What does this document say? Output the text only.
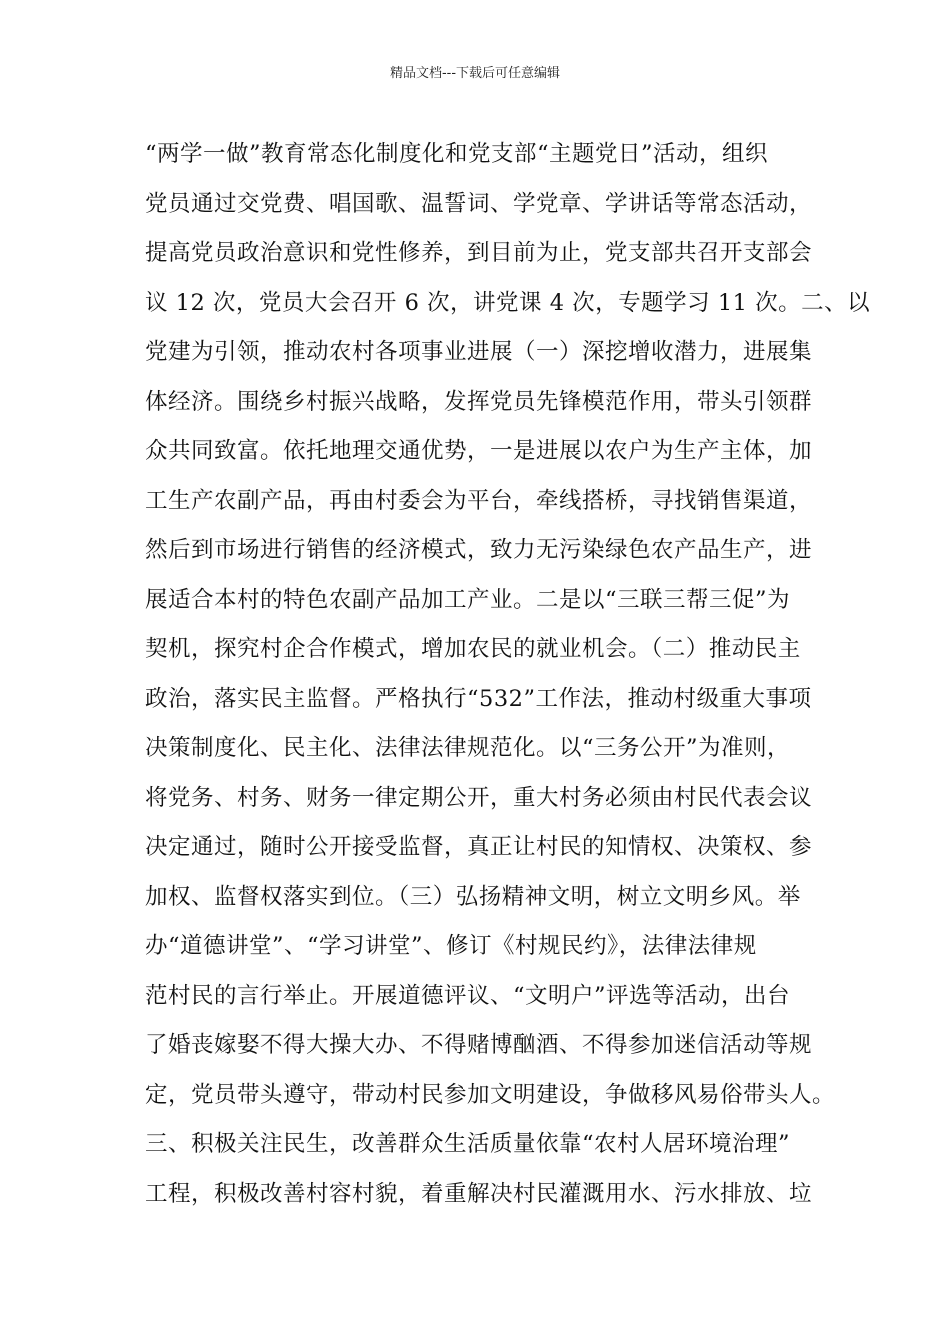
精品文档---下载后可任意编辑
“两学一做”教育常态化制度化和党支部“主题党日”活动，组织
党员通过交党费、唱国歌、温誓词、学党章、学讲话等常态活动，
提高党员政治意识和党性修养，到目前为止，党支部共召开支部会
议 12 次，党员大会召开 6 次，讲党课 4 次，专题学习 11 次。二、以
党建为引领，推动农村各项事业进展（一）深挖增收潜力，进展集
体经济。围绕乡村振兴战略，发挥党员先锋模范作用，带头引领群
众共同致富。依托地理交通优势，一是进展以农户为生产主体，加
工生产农副产品，再由村委会为平台，牵线搭桥，寻找销售渠道，
然后到市场进行销售的经济模式，致力无污染绿色农产品生产，进
展适合本村的特色农副产品加工产业。二是以“三联三帮三促”为
契机，探究村企合作模式，增加农民的就业机会。（二）推动民主
政治，落实民主监督。严格执行“532”工作法，推动村级重大事项
决策制度化、民主化、法律法律规范化。以“三务公开”为准则，
将党务、村务、财务一律定期公开，重大村务必须由村民代表会议
决定通过，随时公开接受监督，真正让村民的知情权、决策权、参
加权、监督权落实到位。（三）弘扬精神文明，树立文明乡风。举
办“道德讲堂”、“学习讲堂”、修订《村规民约》，法律法律规
范村民的言行举止。开展道德评议、“文明户”评选等活动，出台
了婚丧嫁娶不得大操大办、不得赌博酗酒、不得参加迷信活动等规
定，党员带头遵守，带动村民参加文明建设，争做移风易俗带头人。
三、积极关注民生，改善群众生活质量依靠“农村人居环境治理”
工程，积极改善村容村貌，着重解决村民灌溉用水、污水排放、垃
